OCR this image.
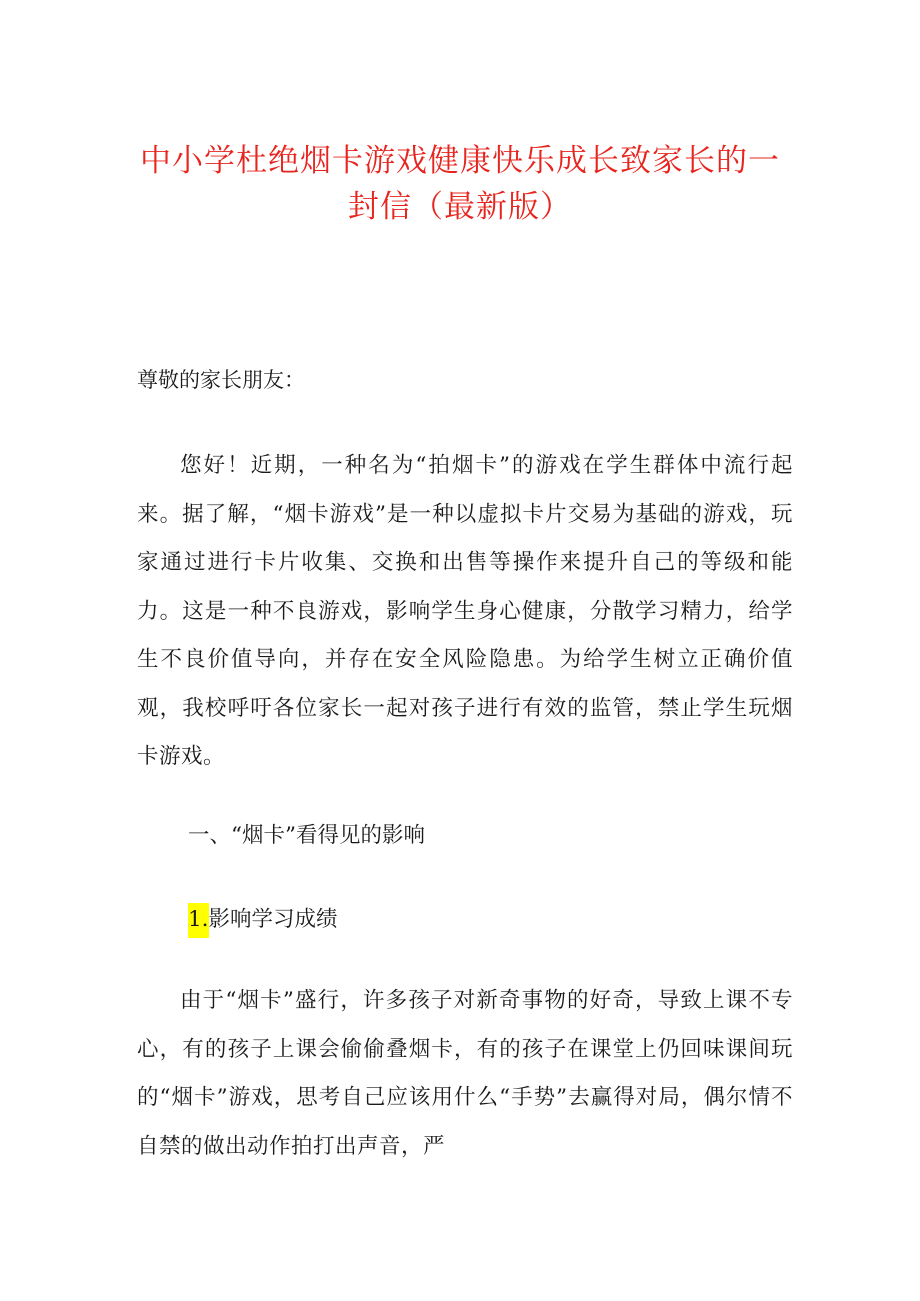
中小学杜绝烟卡游戏健康快乐成长致家长的一封信（最新版）

尊敬的家长朋友：

您好！近期，一种名为“拍烟卡”的游戏在学生群体中流行起来。据了解，“烟卡游戏”是一种以虚拟卡片交易为基础的游戏，玩家通过进行卡片收集、交换和出售等操作来提升自己的等级和能力。这是一种不良游戏，影响学生身心健康，分散学习精力，给学生不良价值导向，并存在安全风险隐患。为给学生树立正确价值观，我校呼吁各位家长一起对孩子进行有效的监管，禁止学生玩烟卡游戏。

一、“烟卡”看得见的影响

1.影响学习成绩

由于“烟卡”盛行，许多孩子对新奇事物的好奇，导致上课不专心，有的孩子上课会偷偷叠烟卡，有的孩子在课堂上仍回味课间玩的“烟卡”游戏，思考自己应该用什么“手势”去赢得对局，偶尔情不自禁的做出动作拍打出声音，严
